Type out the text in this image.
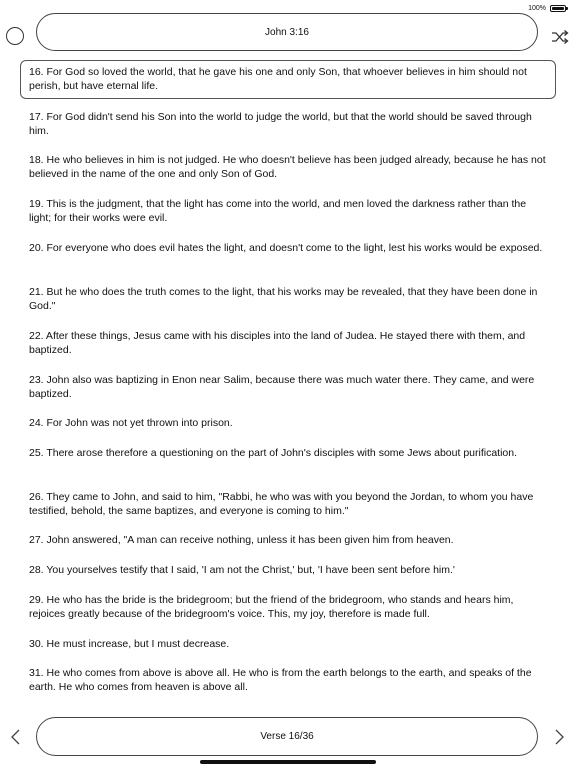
100%
John 3:16
16. For God so loved the world, that he gave his one and only Son, that whoever believes in him should not perish, but have eternal life.
17. For God didn't send his Son into the world to judge the world, but that the world should be saved through him.
18. He who believes in him is not judged. He who doesn't believe has been judged already, because he has not believed in the name of the one and only Son of God.
19. This is the judgment, that the light has come into the world, and men loved the darkness rather than the light; for their works were evil.
20. For everyone who does evil hates the light, and doesn't come to the light, lest his works would be exposed.
21. But he who does the truth comes to the light, that his works may be revealed, that they have been done in God."
22. After these things, Jesus came with his disciples into the land of Judea. He stayed there with them, and baptized.
23. John also was baptizing in Enon near Salim, because there was much water there. They came, and were baptized.
24. For John was not yet thrown into prison.
25. There arose therefore a questioning on the part of John's disciples with some Jews about purification.
26. They came to John, and said to him, "Rabbi, he who was with you beyond the Jordan, to whom you have testified, behold, the same baptizes, and everyone is coming to him."
27. John answered, "A man can receive nothing, unless it has been given him from heaven.
28. You yourselves testify that I said, 'I am not the Christ,' but, 'I have been sent before him.'
29. He who has the bride is the bridegroom; but the friend of the bridegroom, who stands and hears him, rejoices greatly because of the bridegroom's voice. This, my joy, therefore is made full.
30. He must increase, but I must decrease.
31. He who comes from above is above all. He who is from the earth belongs to the earth, and speaks of the earth. He who comes from heaven is above all.
Verse 16/36
